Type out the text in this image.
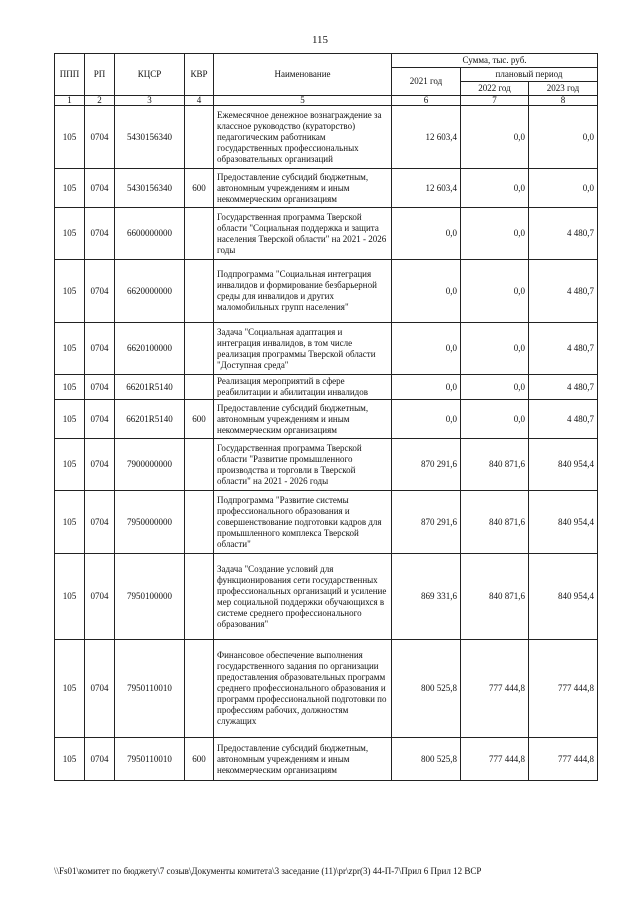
115
ППП	РП	КЦСР	КВР	Наименование	Сумма, тыс. руб.		
					2021 год	плановый период	
						2022 год	2023 год
1	2	3	4	5	6	7	8
105	0704	5430156340		Ежемесячное денежное вознаграждение за классное руководство (кураторство) педагогическим работникам государственных профессиональных образовательных организаций	12 603,4	0,0	0,0
105	0704	5430156340	600	Предоставление субсидий бюджетным, автономным учреждениям и иным некоммерческим организациям	12 603,4	0,0	0,0
105	0704	6600000000		Государственная программа Тверской области "Социальная поддержка и защита населения Тверской области" на 2021 - 2026 годы	0,0	0,0	4 480,7
105	0704	6620000000		Подпрограмма "Социальная интеграция инвалидов и формирование безбарьерной среды для инвалидов и других маломобильных групп населения"	0,0	0,0	4 480,7
105	0704	6620100000		Задача "Социальная адаптация и интеграция инвалидов, в том числе реализация программы Тверской области "Доступная среда"	0,0	0,0	4 480,7
105	0704	66201R5140		Реализация мероприятий в сфере реабилитации и абилитации инвалидов	0,0	0,0	4 480,7
105	0704	66201R5140	600	Предоставление субсидий бюджетным, автономным учреждениям и иным некоммерческим организациям	0,0	0,0	4 480,7
105	0704	7900000000		Государственная программа Тверской области "Развитие промышленного производства и торговли в Тверской области" на 2021 - 2026 годы	870 291,6	840 871,6	840 954,4
105	0704	7950000000		Подпрограмма "Развитие системы профессионального образования и совершенствование подготовки кадров для промышленного комплекса Тверской области"	870 291,6	840 871,6	840 954,4
105	0704	7950100000		Задача "Создание условий для функционирования сети государственных профессиональных организаций и усиление мер социальной поддержки обучающихся в системе среднего профессионального образования"	869 331,6	840 871,6	840 954,4
105	0704	7950110010		Финансовое обеспечение выполнения государственного задания по организации предоставления образовательных программ среднего профессионального образования и программ профессиональной подготовки по профессиям рабочих, должностям служащих	800 525,8	777 444,8	777 444,8
105	0704	7950110010	600	Предоставление субсидий бюджетным, автономным учреждениям и иным некоммерческим организациям	800 525,8	777 444,8	777 444,8
\\Fs01\комитет по бюджету\7 созыв\Документы комитета\3 заседание (11)\pr\zpr(3) 44-П-7\Прил 6 Прил 12 ВСР
